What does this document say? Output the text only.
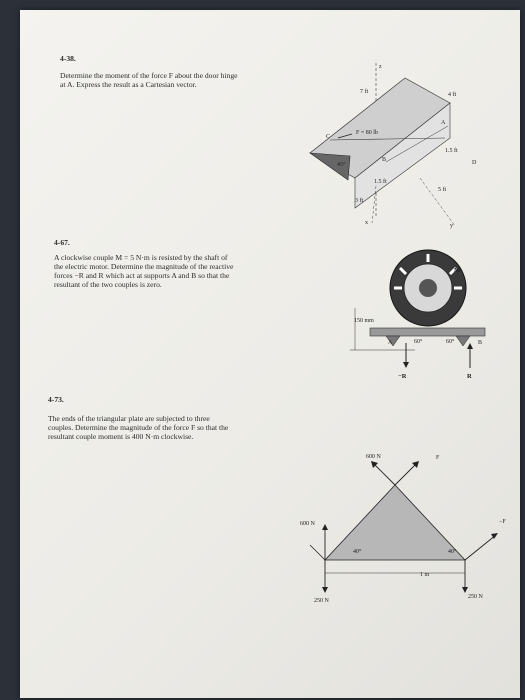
4-38.
Determine the moment of the force F about the door hinge
at A. Express the result as a Cartesian vector.
7 ft	4 ft
F = 80 lb
C
A
B	D
45°
1.5 ft
1.5 ft
3 ft
5 ft
x	y
z
4-67.
A clockwise couple M = 5 N·m is resisted by the shaft of
the electric motor. Determine the magnitude of the reactive
forces −R and R which act at supports A and B so that the
resultant of the two couples is zero.
150 mm
M
A	B
60°	60°
−R	R
4-73.
The ends of the triangular plate are subjected to three
couples. Determine the magnitude of the force F so that the
resultant couple moment is 400 N·m clockwise.
600 N	F
600 N	−F
40°	40°
1 m
250 N
250 N
